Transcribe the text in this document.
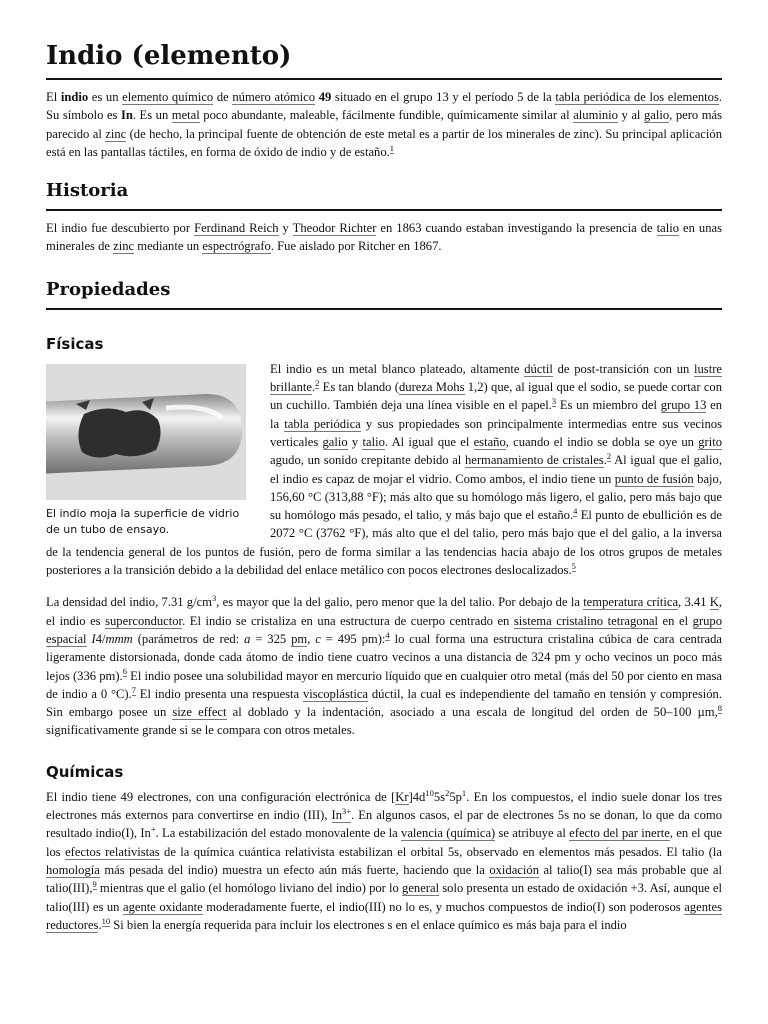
Indio (elemento)

El indio es un elemento químico de número atómico 49 situado en el grupo 13 y el período 5 de la tabla periódica de los elementos. Su símbolo es In. Es un metal poco abundante, maleable, fácilmente fundible, químicamente similar al aluminio y al galio, pero más parecido al zinc (de hecho, la principal fuente de obtención de este metal es a partir de los minerales de zinc). Su principal aplicación está en las pantallas táctiles, en forma de óxido de indio y de estaño.$^1$

Historia

El indio fue descubierto por Ferdinand Reich y Theodor Richter en 1863 cuando estaban investigando la presencia de talio en unas minerales de zinc mediante un espectrógrafo. Fue aislado por Ritcher en 1867.

Propiedades
Físicas
El indio moja la superficie de vidrio de un tubo de ensayo.

El indio es un metal blanco plateado, altamente dúctil de post-transición con un lustre brillante.$^2$ Es tan blando (dureza Mohs 1,2) que, al igual que el sodio, se puede cortar con un cuchillo. También deja una línea visible en el papel.$^3$ Es un miembro del grupo 13 en la tabla periódica y sus propiedades son principalmente intermedias entre sus vecinos verticales galio y talio. Al igual que el estaño, cuando el indio se dobla se oye un grito agudo, un sonido crepitante debido al hermanamiento de cristales.$^2$ Al igual que el galio, el indio es capaz de mojar el vidrio. Como ambos, el indio tiene un punto de fusión bajo, 156,60 °C (313,88 °F); más alto que su homólogo más ligero, el galio, pero más bajo que su homólogo más pesado, el talio, y más bajo que el estaño.$^4$ El punto de ebullición es de 2072 °C (3762 °F), más alto que el del talio, pero más bajo que el del galio, a la inversa de la tendencia general de los puntos de fusión, pero de forma similar a las tendencias hacia abajo de los otros grupos de metales posteriores a la transición debido a la debilidad del enlace metálico con pocos electrones deslocalizados.$^5$

La densidad del indio, 7.31 $g/cm^3$, es mayor que la del galio, pero menor que la del talio. Por debajo de la temperatura crítica, 3.41 K, el indio es superconductor. El indio se cristaliza en una estructura de cuerpo centrado en sistema cristalino tetragonal en el grupo espacial I4/mmm (parámetros de red: a = 325 pm, c = 495 pm):$^4$ lo cual forma una estructura cristalina cúbica de cara centrada ligeramente distorsionada, donde cada átomo de indio tiene cuatro vecinos a una distancia de 324 pm y ocho vecinos un poco más lejos (336 pm).$^6$ El indio posee una solubilidad mayor en mercurio líquido que en cualquier otro metal (más del 50 por ciento en masa de indio a 0 °C).$^7$ El indio presenta una respuesta viscoplástica dúctil, la cual es independiente del tamaño en tensión y compresión. Sin embargo posee un size effect al doblado y la indentación, asociado a una escala de longitud del orden de 50–100 µm,$^8$ significativamente grande si se le compara con otros metales.

Químicas

El indio tiene 49 electrones, con una configuración electrónica de $[Kr]4d^{10}5s^25p^1$. En los compuestos, el indio suele donar los tres electrones más externos para convertirse en indio (III), $In^{3+}$. En algunos casos, el par de electrones 5s no se donan, lo que da como resultado indio(I), In+. La estabilización del estado monovalente de la valencia (química) se atribuye al efecto del par inerte, en el que los efectos relativistas de la química cuántica relativista estabilizan el orbital 5s, observado en elementos más pesados. El talio (la homología más pesada del indio) muestra un efecto aún más fuerte, haciendo que la oxidación al talio(I) sea más probable que al talio(III),$^9$ mientras que el galio (el homólogo liviano del indio) por lo general solo presenta un estado de oxidación +3. Así, aunque el talio(III) es un agente oxidante moderadamente fuerte, el indio(III) no lo es, y muchos compuestos de indio(I) son poderosos agentes reductores.$^{10}$ Si bien la energía requerida para incluir los electrones s en el enlace químico es más baja para el indio
